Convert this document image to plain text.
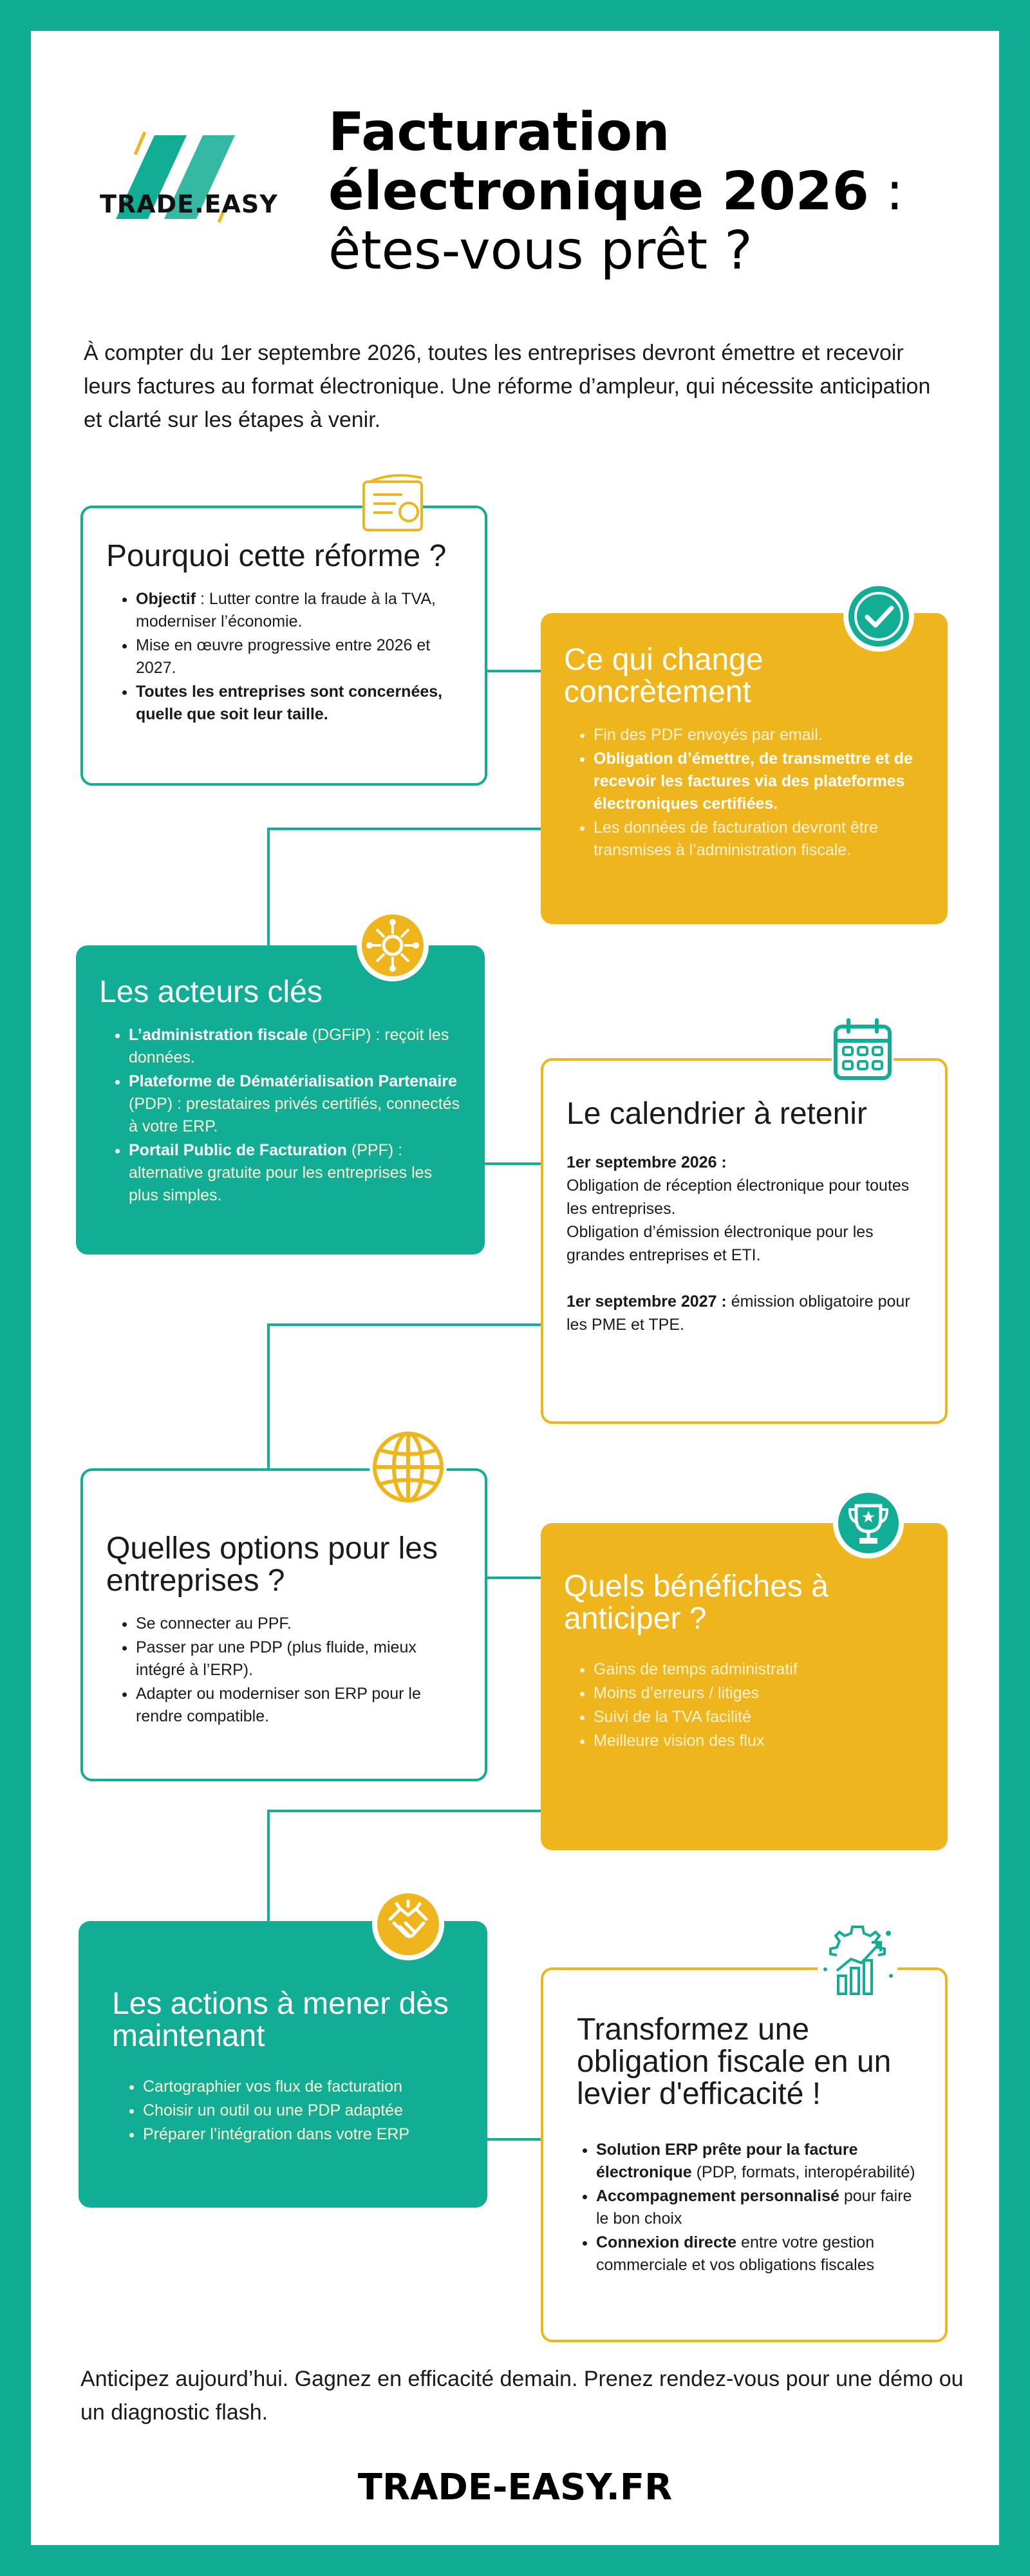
TRADE.EASY
Facturation
électronique 2026 :
êtes-vous prêt ?
À compter du 1er septembre 2026, toutes les entreprises devront émettre et recevoir leurs factures au format électronique. Une réforme d’ampleur, qui nécessite anticipation et clarté sur les étapes à venir.
Pourquoi cette réforme ?
• Objectif : Lutter contre la fraude à la TVA, moderniser l’économie.
• Mise en œuvre progressive entre 2026 et 2027.
• Toutes les entreprises sont concernées, quelle que soit leur taille.
Ce qui change concrètement
• Fin des PDF envoyés par email.
• Obligation d’émettre, de transmettre et de recevoir les factures via des plateformes électroniques certifiées.
• Les données de facturation devront être transmises à l’administration fiscale.
Les acteurs clés
• L’administration fiscale (DGFiP) : reçoit les données.
• Plateforme de Dématérialisation Partenaire (PDP) : prestataires privés certifiés, connectés à votre ERP.
• Portail Public de Facturation (PPF) : alternative gratuite pour les entreprises les plus simples.
Le calendrier à retenir
1er septembre 2026 :
Obligation de réception électronique pour toutes les entreprises.
Obligation d’émission électronique pour les grandes entreprises et ETI.

1er septembre 2027 : émission obligatoire pour les PME et TPE.
Quelles options pour les entreprises ?
• Se connecter au PPF.
• Passer par une PDP (plus fluide, mieux intégré à l’ERP).
• Adapter ou moderniser son ERP pour le rendre compatible.
Quels bénéfiches à anticiper ?
• Gains de temps administratif
• Moins d’erreurs / litiges
• Suivi de la TVA facilité
• Meilleure vision des flux
Les actions à mener dès maintenant
• Cartographier vos flux de facturation
• Choisir un outil ou une PDP adaptée
• Préparer l’intégration dans votre ERP
Transformez une obligation fiscale en un levier d'efficacité !
• Solution ERP prête pour la facture électronique (PDP, formats, interopérabilité)
• Accompagnement personnalisé pour faire le bon choix
• Connexion directe entre votre gestion commerciale et vos obligations fiscales
Anticipez aujourd’hui. Gagnez en efficacité demain. Prenez rendez-vous pour une démo ou un diagnostic flash.
TRADE-EASY.FR
